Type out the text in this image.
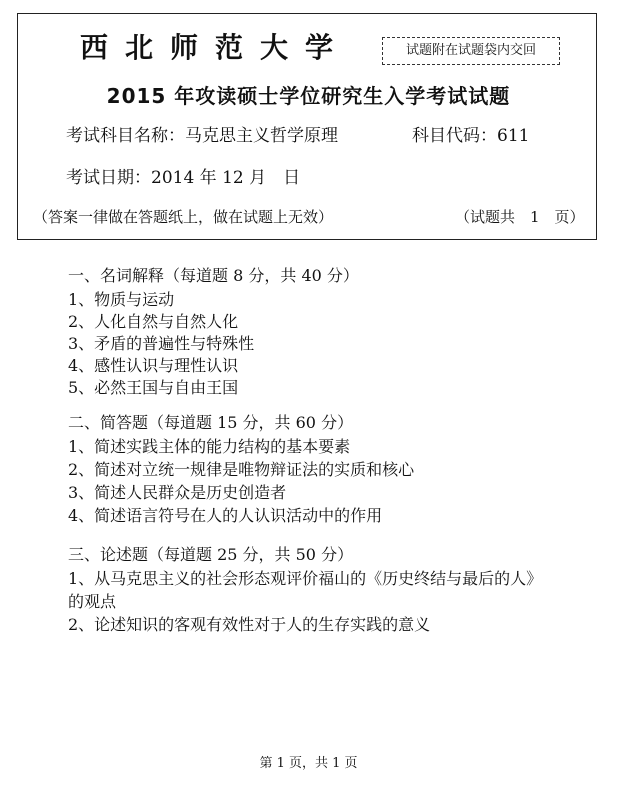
西北师范大学	试题附在试题袋内交回
2015 年攻读硕士学位研究生入学考试试题
考试科目名称：马克思主义哲学原理	科目代码：611
考试日期：2014 年 12 月　日
（答案一律做在答题纸上，做在试题上无效）	（试题共　1　页）
一、名词解释（每道题 8 分，共 40 分）
1、物质与运动
2、人化自然与自然人化
3、矛盾的普遍性与特殊性
4、感性认识与理性认识
5、必然王国与自由王国
二、简答题（每道题 15 分，共 60 分）
1、简述实践主体的能力结构的基本要素
2、简述对立统一规律是唯物辩证法的实质和核心
3、简述人民群众是历史创造者
4、简述语言符号在人的人认识活动中的作用
三、论述题（每道题 25 分，共 50 分）
1、从马克思主义的社会形态观评价福山的《历史终结与最后的人》
的观点
2、论述知识的客观有效性对于人的生存实践的意义
第 1 页，共 1 页
